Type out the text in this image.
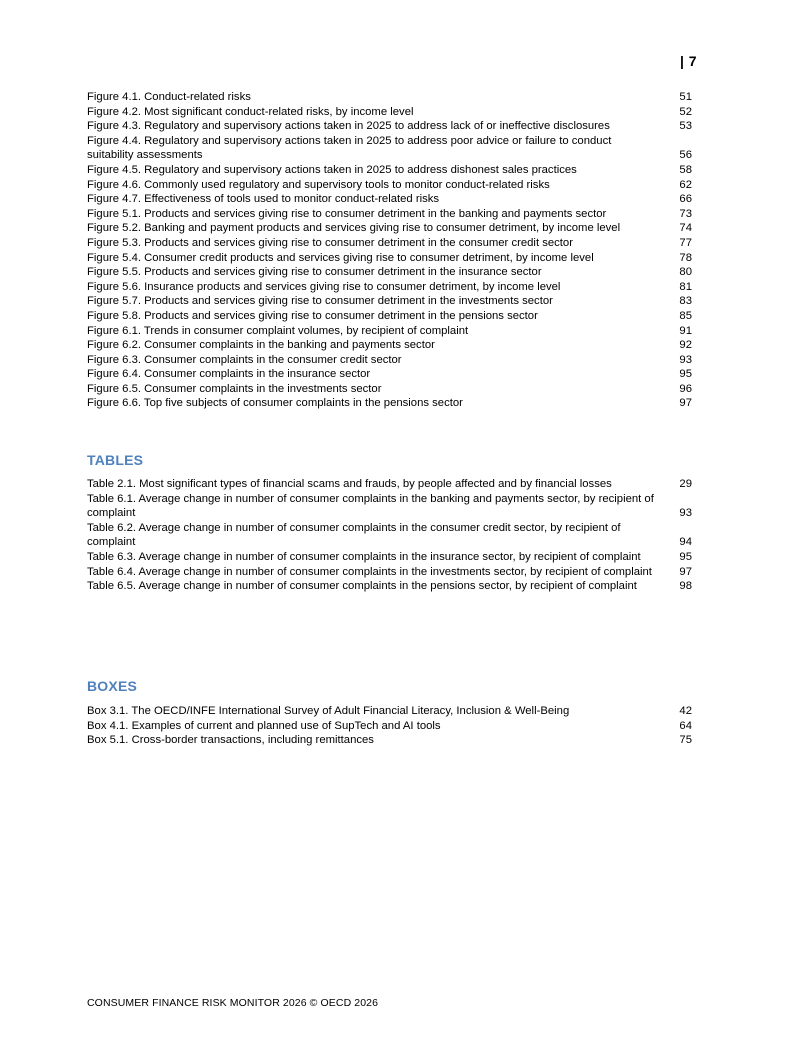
| 7
Figure 4.1. Conduct-related risks	51
Figure 4.2. Most significant conduct-related risks, by income level	52
Figure 4.3. Regulatory and supervisory actions taken in 2025 to address lack of or ineffective disclosures	53
Figure 4.4. Regulatory and supervisory actions taken in 2025 to address poor advice or failure to conduct suitability assessments	56
Figure 4.5. Regulatory and supervisory actions taken in 2025 to address dishonest sales practices	58
Figure 4.6. Commonly used regulatory and supervisory tools to monitor conduct-related risks	62
Figure 4.7. Effectiveness of tools used to monitor conduct-related risks	66
Figure 5.1. Products and services giving rise to consumer detriment in the banking and payments sector	73
Figure 5.2. Banking and payment products and services giving rise to consumer detriment, by income level	74
Figure 5.3. Products and services giving rise to consumer detriment in the consumer credit sector	77
Figure 5.4. Consumer credit products and services giving rise to consumer detriment, by income level	78
Figure 5.5. Products and services giving rise to consumer detriment in the insurance sector	80
Figure 5.6. Insurance products and services giving rise to consumer detriment, by income level	81
Figure 5.7. Products and services giving rise to consumer detriment in the investments sector	83
Figure 5.8. Products and services giving rise to consumer detriment in the pensions sector	85
Figure 6.1. Trends in consumer complaint volumes, by recipient of complaint	91
Figure 6.2. Consumer complaints in the banking and payments sector	92
Figure 6.3. Consumer complaints in the consumer credit sector	93
Figure 6.4. Consumer complaints in the insurance sector	95
Figure 6.5. Consumer complaints in the investments sector	96
Figure 6.6. Top five subjects of consumer complaints in the pensions sector	97
TABLES
Table 2.1. Most significant types of financial scams and frauds, by people affected and by financial losses	29
Table 6.1. Average change in number of consumer complaints in the banking and payments sector, by recipient of complaint	93
Table 6.2. Average change in number of consumer complaints in the consumer credit sector, by recipient of complaint	94
Table 6.3. Average change in number of consumer complaints in the insurance sector, by recipient of complaint	95
Table 6.4. Average change in number of consumer complaints in the investments sector, by recipient of complaint	97
Table 6.5. Average change in number of consumer complaints in the pensions sector, by recipient of complaint	98
BOXES
Box 3.1. The OECD/INFE International Survey of Adult Financial Literacy, Inclusion & Well-Being	42
Box 4.1. Examples of current and planned use of SupTech and AI tools	64
Box 5.1. Cross-border transactions, including remittances	75
CONSUMER FINANCE RISK MONITOR 2026 © OECD 2026
